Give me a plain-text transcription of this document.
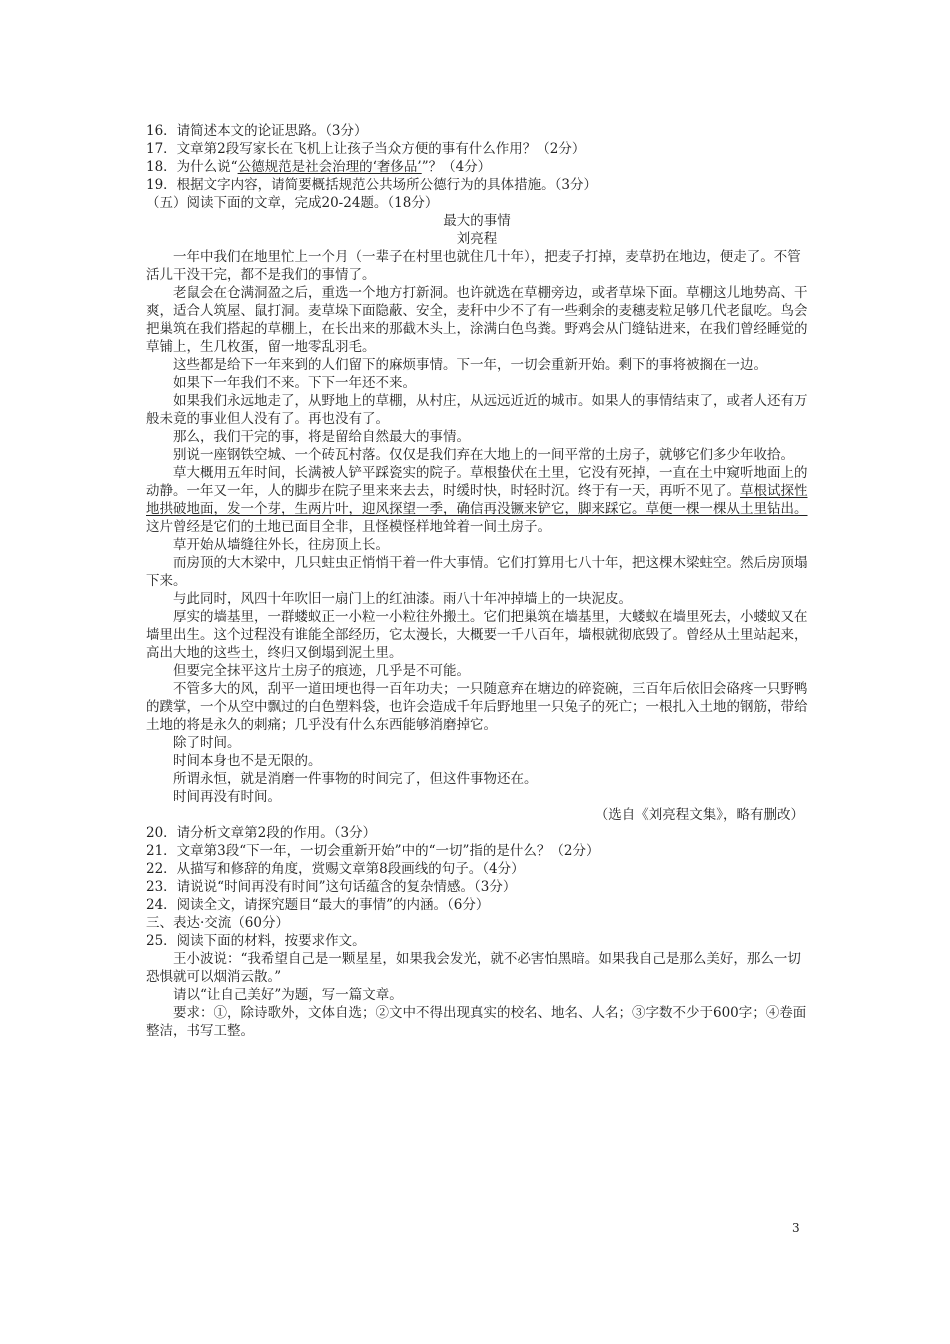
16．请简述本文的论证思路。（3分）

17．文章第2段写家长在飞机上让孩子当众方便的事有什么作用？（2分）

18．为什么说“公德规范是社会治理的‘奢侈品’”？（4分）

19．根据文字内容，请简要概括规范公共场所公德行为的具体措施。（3分）

（五）阅读下面的文章，完成20-24题。（18分）

最大的事情

刘亮程

一年中我们在地里忙上一个月（一辈子在村里也就住几十年），把麦子打掉，麦草扔在地边，便走了。不管活儿干没干完，都不是我们的事情了。

老鼠会在仓满洞盈之后，重选一个地方打新洞。也许就选在草棚旁边，或者草垛下面。草棚这儿地势高、干爽，适合人筑屋、鼠打洞。麦草垛下面隐蔽、安全，麦秆中少不了有一些剩余的麦穗麦粒足够几代老鼠吃。鸟会把巢筑在我们搭起的草棚上，在长出来的那截木头上，涂满白色鸟粪。野鸡会从门缝钻进来，在我们曾经睡觉的草铺上，生几枚蛋，留一地零乱羽毛。

这些都是给下一年来到的人们留下的麻烦事情。下一年，一切会重新开始。剩下的事将被搁在一边。

如果下一年我们不来。下下一年还不来。

如果我们永远地走了，从野地上的草棚，从村庄，从远远近近的城市。如果人的事情结束了，或者人还有万般未竟的事业但人没有了。再也没有了。

那么，我们干完的事，将是留给自然最大的事情。

别说一座钢铁空城、一个砖瓦村落。仅仅是我们弃在大地上的一间平常的土房子，就够它们多少年收拾。

草大概用五年时间，长满被人铲平踩瓷实的院子。草根蛰伏在土里，它没有死掉，一直在土中窥听地面上的动静。一年又一年，人的脚步在院子里来来去去，时缓时快，时轻时沉。终于有一天，再听不见了。草根试探性地拱破地面，发一个芽，生两片叶，迎风探望一季，确信再没镢来铲它，脚来踩它。草便一棵一棵从土里钻出。这片曾经是它们的土地已面目全非，且怪模怪样地耸着一间土房子。

草开始从墙缝往外长，往房顶上长。

而房顶的大木梁中，几只蛀虫正悄悄干着一件大事情。它们打算用七八十年，把这棵木梁蛀空。然后房顶塌下来。

与此同时，风四十年吹旧一扇门上的红油漆。雨八十年冲掉墙上的一块泥皮。

厚实的墙基里，一群蝼蚁正一小粒一小粒往外搬土。它们把巢筑在墙基里，大蝼蚁在墙里死去，小蝼蚁又在墙里出生。这个过程没有谁能全部经历，它太漫长，大概要一千八百年，墙根就彻底毁了。曾经从土里站起来，高出大地的这些土，终归又倒塌到泥土里。

但要完全抹平这片土房子的痕迹，几乎是不可能。

不管多大的风，刮平一道田埂也得一百年功夫；一只随意弃在塘边的碎瓷碗，三百年后依旧会硌疼一只野鸭的蹼掌，一个从空中飘过的白色塑料袋，也许会造成千年后野地里一只兔子的死亡；一根扎入土地的钢筋，带给土地的将是永久的刺痛；几乎没有什么东西能够消磨掉它。

除了时间。

时间本身也不是无限的。

所谓永恒，就是消磨一件事物的时间完了，但这件事物还在。

时间再没有时间。

（选自《刘亮程文集》，略有删改）

20．请分析文章第2段的作用。（3分）

21．文章第3段“下一年，一切会重新开始”中的“一切”指的是什么？（2分）

22．从描写和修辞的角度，赏赐文章第8段画线的句子。（4分）

23．请说说“时间再没有时间”这句话蕴含的复杂情感。（3分）

24．阅读全文，请探究题目“最大的事情”的内涵。（6分）

三、表达·交流（60分）

25．阅读下面的材料，按要求作文。

王小波说：“我希望自己是一颗星星，如果我会发光，就不必害怕黑暗。如果我自己是那么美好，那么一切恐惧就可以烟消云散。”

请以“让自己美好”为题，写一篇文章。

要求：①，除诗歌外，文体自选；②文中不得出现真实的校名、地名、人名；③字数不少于600字；④卷面整洁，书写工整。

3
